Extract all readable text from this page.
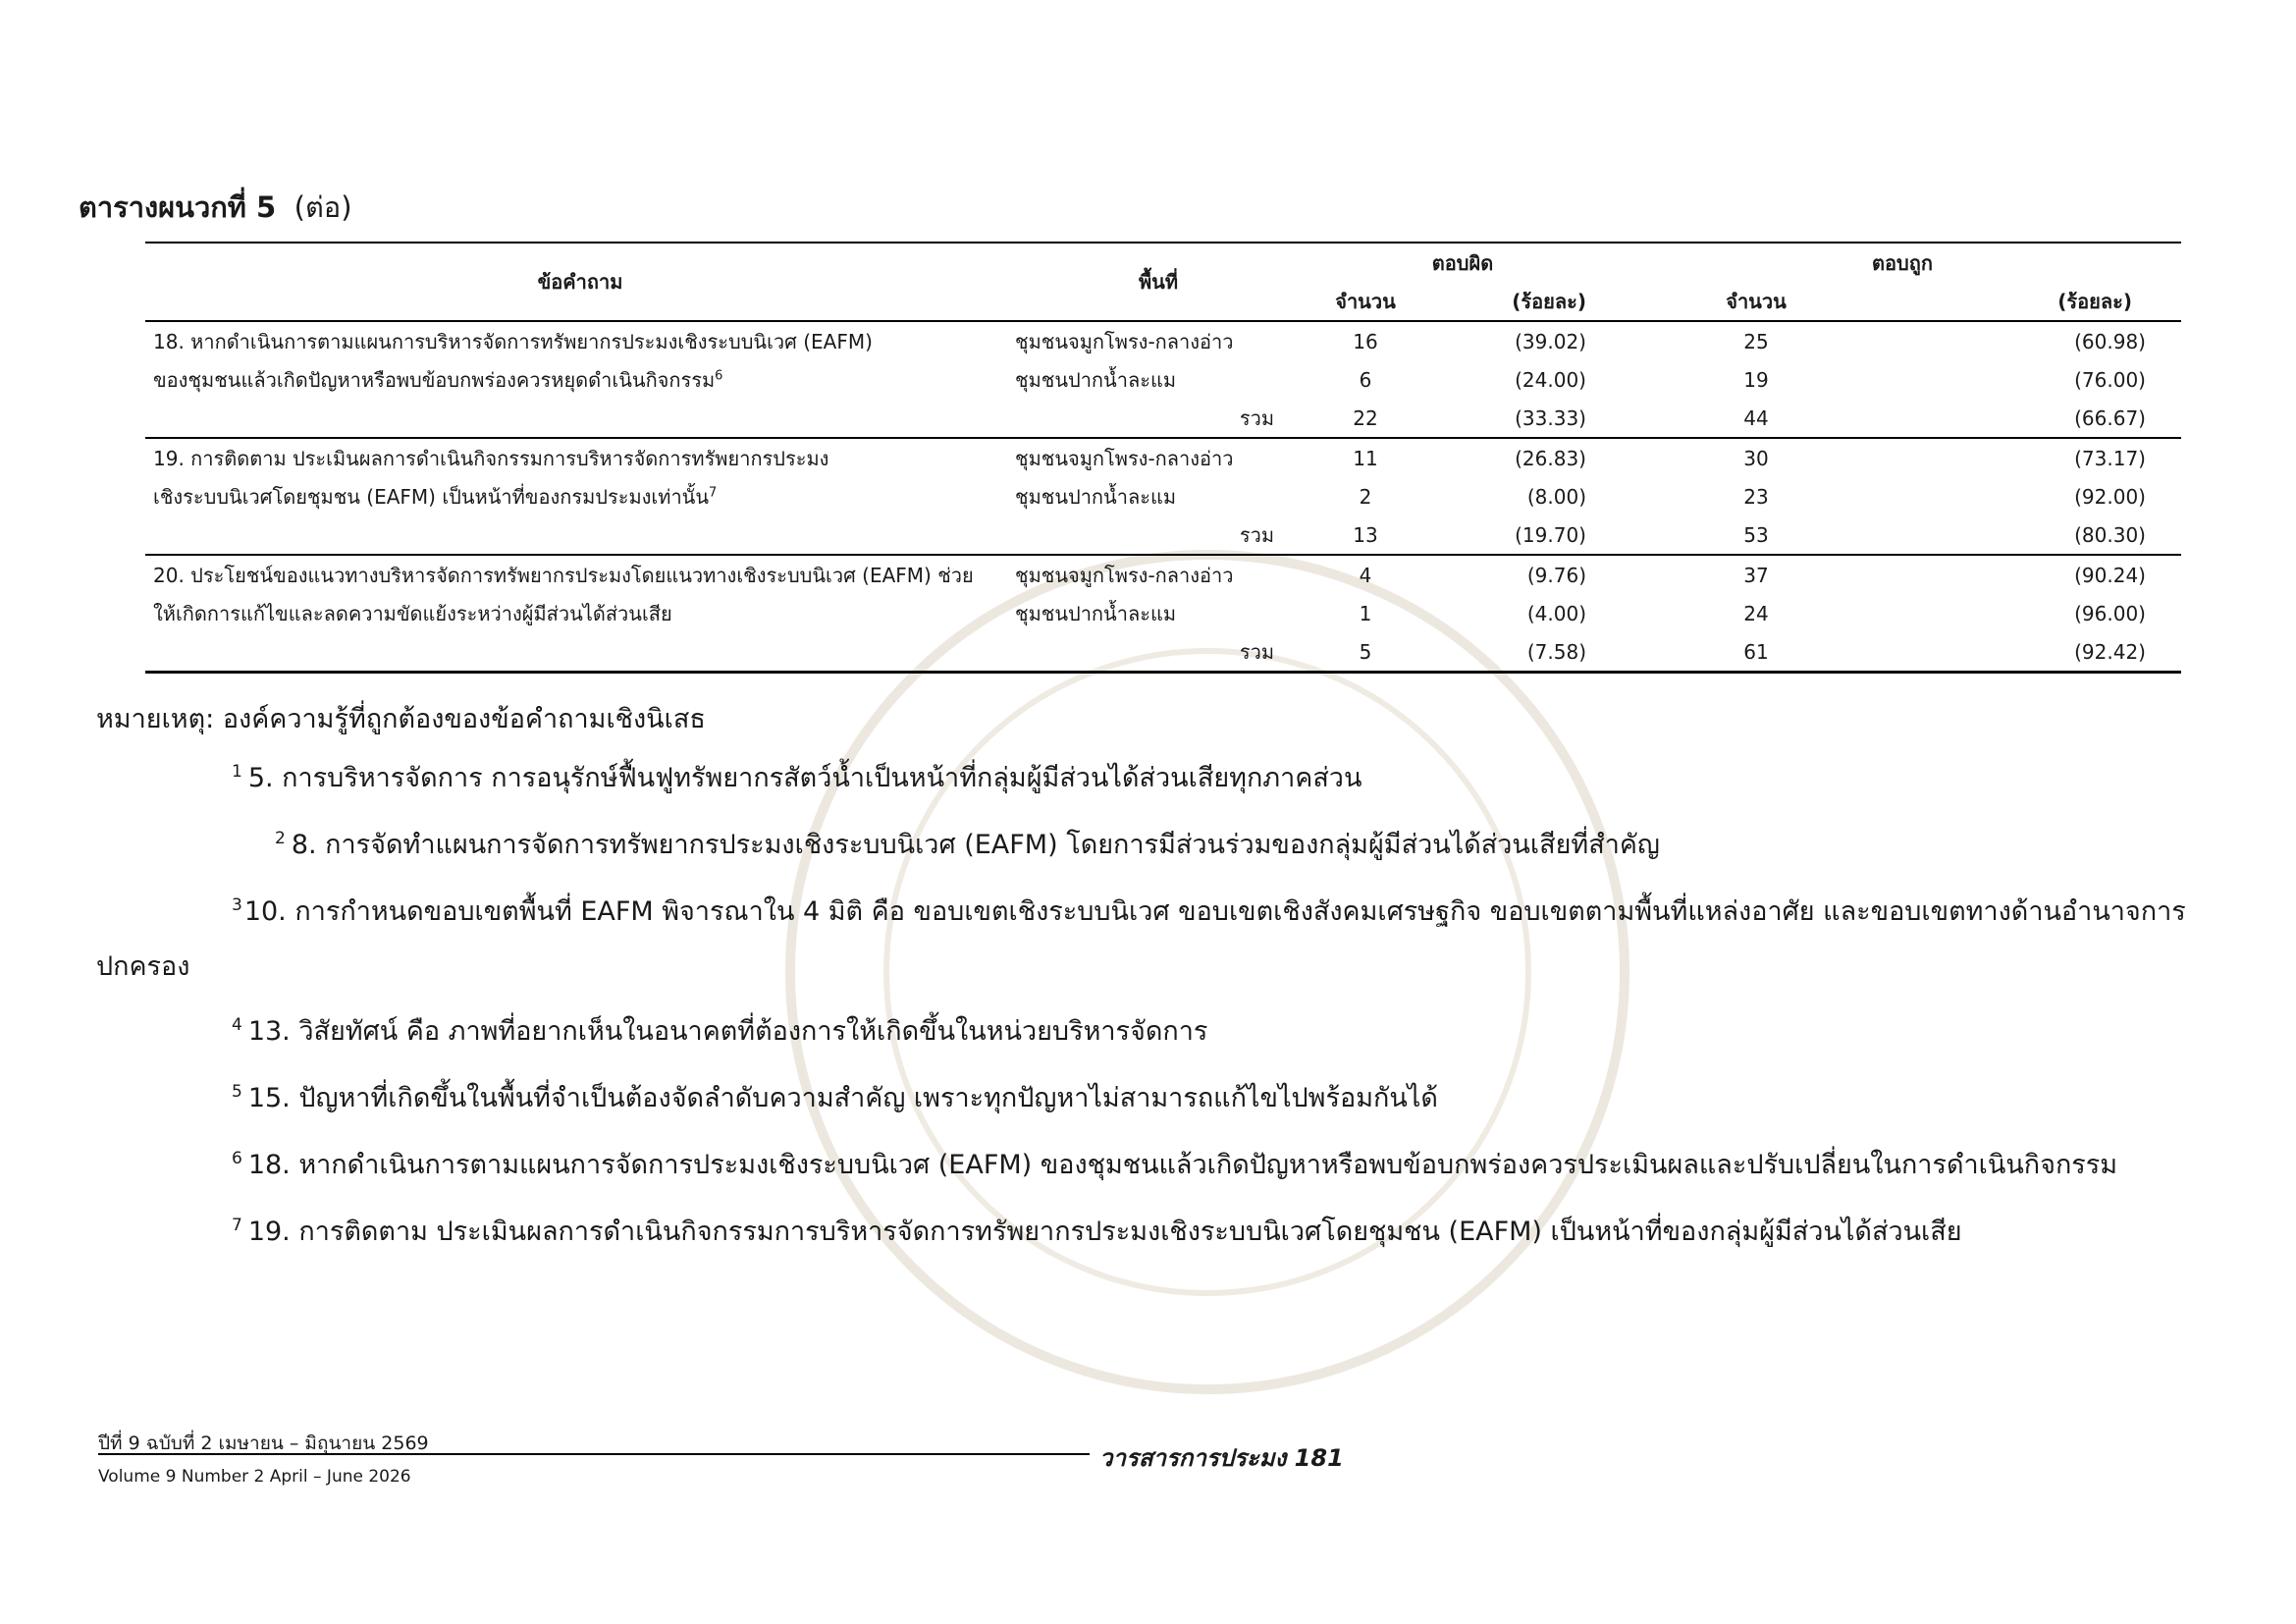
ตารางผนวกที่ 5 (ต่อ)
ข้อคำถาม	พื้นที่	ตอบผิด		ตอบถูก	
		จำนวน	(ร้อยละ)	จำนวน	(ร้อยละ)
18. หากดำเนินการตามแผนการบริหารจัดการทรัพยากรประมงเชิงระบบนิเวศ (EAFM)	ชุมชนจมูกโพรง-กลางอ่าว	16	(39.02)	25	(60.98)
ของชุมชนแล้วเกิดปัญหาหรือพบข้อบกพร่องควรหยุดดำเนินกิจกรรม$^6$	ชุมชนปากน้ำละแม	6	(24.00)	19	(76.00)
	รวม	22	(33.33)	44	(66.67)
19. การติดตาม ประเมินผลการดำเนินกิจกรรมการบริหารจัดการทรัพยากรประมง	ชุมชนจมูกโพรง-กลางอ่าว	11	(26.83)	30	(73.17)
เชิงระบบนิเวศโดยชุมชน (EAFM) เป็นหน้าที่ของกรมประมงเท่านั้น$^7$	ชุมชนปากน้ำละแม	2	(8.00)	23	(92.00)
	รวม	13	(19.70)	53	(80.30)
20. ประโยชน์ของแนวทางบริหารจัดการทรัพยากรประมงโดยแนวทางเชิงระบบนิเวศ (EAFM) ช่วย	ชุมชนจมูกโพรง-กลางอ่าว	4	(9.76)	37	(90.24)
ให้เกิดการแก้ไขและลดความขัดแย้งระหว่างผู้มีส่วนได้ส่วนเสีย	ชุมชนปากน้ำละแม	1	(4.00)	24	(96.00)
	รวม	5	(7.58)	61	(92.42)
หมายเหตุ: องค์ความรู้ที่ถูกต้องของข้อคำถามเชิงนิเสธ
$^1$ 5. การบริหารจัดการ การอนุรักษ์ฟื้นฟูทรัพยากรสัตว์น้ำเป็นหน้าที่กลุ่มผู้มีส่วนได้ส่วนเสียทุกภาคส่วน
$^2$ 8. การจัดทำแผนการจัดการทรัพยากรประมงเชิงระบบนิเวศ (EAFM) โดยการมีส่วนร่วมของกลุ่มผู้มีส่วนได้ส่วนเสียที่สำคัญ
$^3$10. การกำหนดขอบเขตพื้นที่ EAFM พิจารณาใน 4 มิติ คือ ขอบเขตเชิงระบบนิเวศ ขอบเขตเชิงสังคมเศรษฐกิจ ขอบเขตตามพื้นที่แหล่งอาศัย และขอบเขตทางด้านอำนาจการ
ปกครอง
$^4$ 13. วิสัยทัศน์ คือ ภาพที่อยากเห็นในอนาคตที่ต้องการให้เกิดขึ้นในหน่วยบริหารจัดการ
$^5$ 15. ปัญหาที่เกิดขึ้นในพื้นที่จำเป็นต้องจัดลำดับความสำคัญ เพราะทุกปัญหาไม่สามารถแก้ไขไปพร้อมกันได้
$^6$ 18. หากดำเนินการตามแผนการจัดการประมงเชิงระบบนิเวศ (EAFM) ของชุมชนแล้วเกิดปัญหาหรือพบข้อบกพร่องควรประเมินผลและปรับเปลี่ยนในการดำเนินกิจกรรม
$^7$ 19. การติดตาม ประเมินผลการดำเนินกิจกรรมการบริหารจัดการทรัพยากรประมงเชิงระบบนิเวศโดยชุมชน (EAFM) เป็นหน้าที่ของกลุ่มผู้มีส่วนได้ส่วนเสีย
ปีที่ 9 ฉบับที่ 2 เมษายน – มิถุนายน 2569
Volume 9 Number 2 April – June 2026
วารสารการประมง 181
